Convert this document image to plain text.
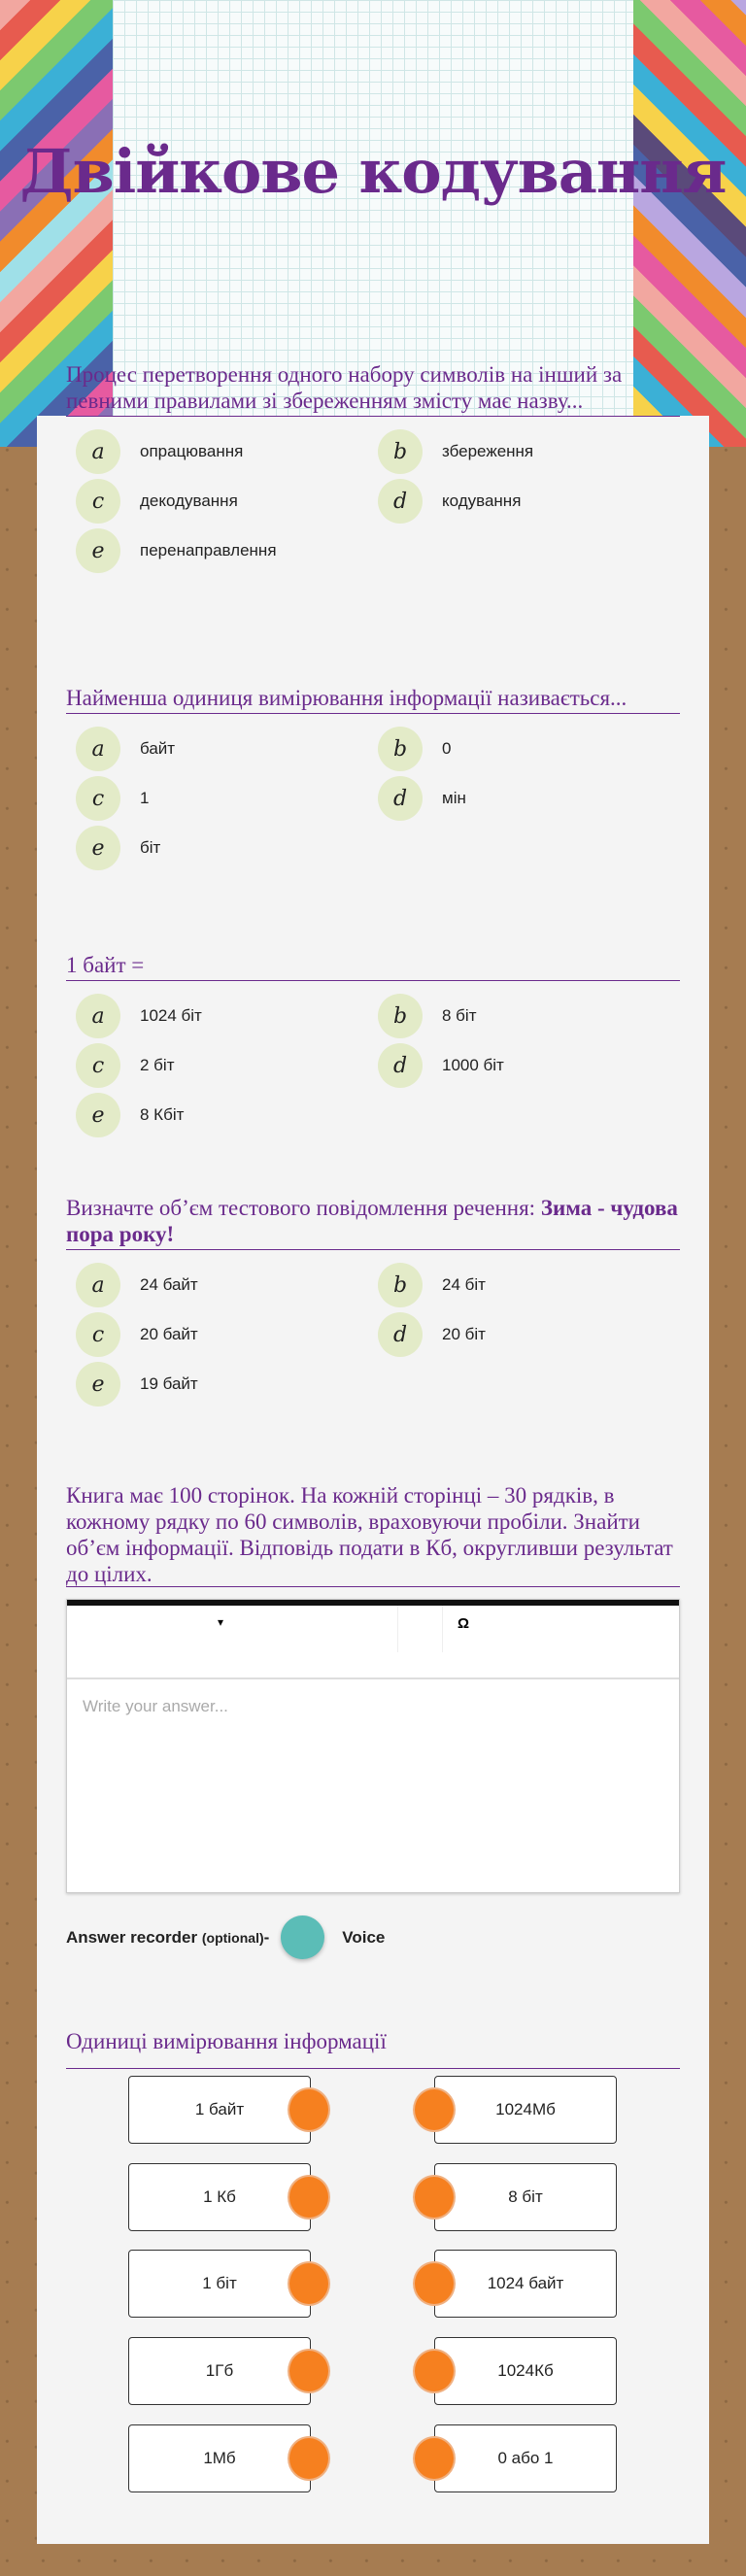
Двійкове кодування
Процес перетворення одного набору символів на інший за певними правилами зі збереженням змісту має назву...
a	опрацювання	b	збереження
c	декодування	d	кодування
e	перенаправлення
Найменша одиниця вимірювання інформації називається...
a	байт	b	0
c	1	d	мін
e	біт
1 байт =
a	1024 біт	b	8 біт
c	2 біт	d	1000 біт
e	8 Кбіт
Визначте об’єм тестового повідомлення речення: Зима - чудова пора року!
a	24 байт	b	24 біт
c	20 байт	d	20 біт
e	19 байт
Книга має 100 сторінок. На кожній сторінці – 30 рядків, в кожному рядку по 60 символів, враховуючи пробіли. Знайти об’єм інформації. Відповідь подати в Кб, округливши результат до цілих.
▾	Ω
Write your answer...
Answer recorder
(optional) -	Voice
Одиниці вимірювання інформації
1 байт
1 Кб
1 біт
1Гб
1Мб
1024Мб
8 біт
1024 байт
1024Кб
0 або 1
